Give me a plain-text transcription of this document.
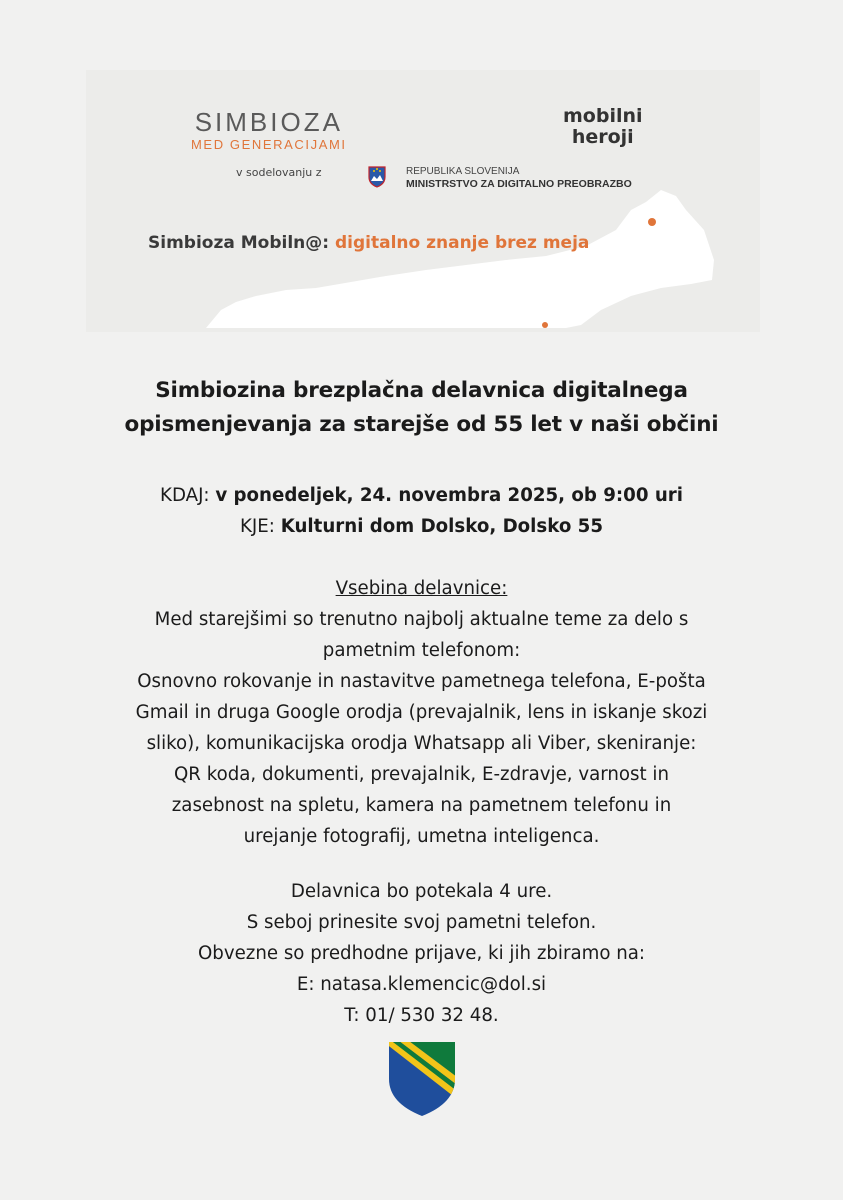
SIMBIOZA
MED GENERACIJAMI
mobilni
heroji
v sodelovanju z	REPUBLIKA SLOVENIJA
MINISTRSTVO ZA DIGITALNO PREOBRAZBO
Simbioza Mobiln@: digitalno znanje brez meja
Simbiozina brezplačna delavnica digitalnega
opismenjevanja za starejše od 55 let v naši občini
KDAJ: v ponedeljek, 24. novembra 2025, ob 9:00 uri
KJE: Kulturni dom Dolsko, Dolsko 55
Vsebina delavnice:
Med starejšimi so trenutno najbolj aktualne teme za delo s
pametnim telefonom:
Osnovno rokovanje in nastavitve pametnega telefona, E-pošta
Gmail in druga Google orodja (prevajalnik, lens in iskanje skozi
sliko), komunikacijska orodja Whatsapp ali Viber, skeniranje:
QR koda, dokumenti, prevajalnik, E-zdravje, varnost in
zasebnost na spletu, kamera na pametnem telefonu in
urejanje fotografij, umetna inteligenca.
Delavnica bo potekala 4 ure.
S seboj prinesite svoj pametni telefon.
Obvezne so predhodne prijave, ki jih zbiramo na:
E: natasa.klemencic@dol.si
T: 01/ 530 32 48.
